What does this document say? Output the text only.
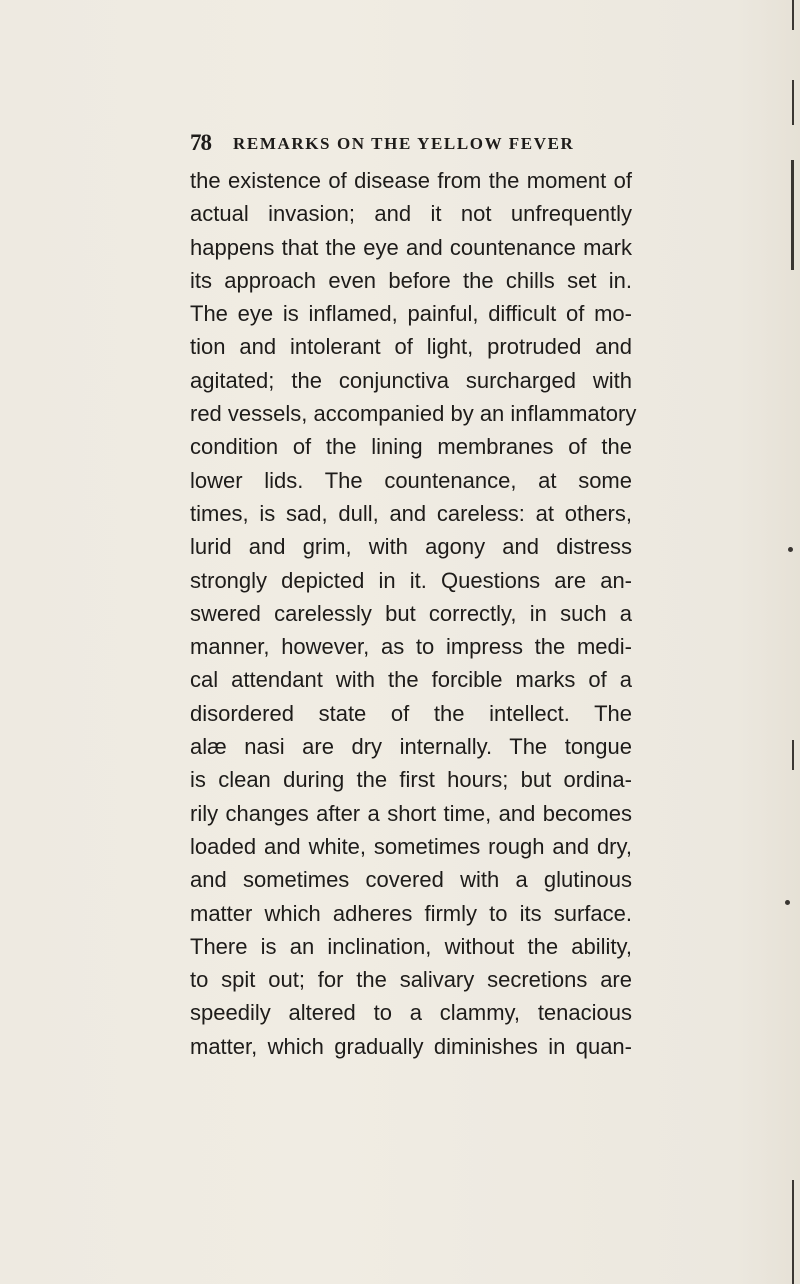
78 REMARKS ON THE YELLOW FEVER
the existence of disease from the moment of
actual invasion; and it not unfrequently
happens that the eye and countenance mark
its approach even before the chills set in.
The eye is inflamed, painful, difficult of mo-
tion and intolerant of light, protruded and
agitated; the conjunctiva surcharged with
red vessels, accompanied by an inflammatory
condition of the lining membranes of the
lower lids. The countenance, at some
times, is sad, dull, and careless: at others,
lurid and grim, with agony and distress
strongly depicted in it. Questions are an-
swered carelessly but correctly, in such a
manner, however, as to impress the medi-
cal attendant with the forcible marks of a
disordered state of the intellect. The
alæ nasi are dry internally. The tongue
is clean during the first hours; but ordina-
rily changes after a short time, and becomes
loaded and white, sometimes rough and dry,
and sometimes covered with a glutinous
matter which adheres firmly to its surface.
There is an inclination, without the ability,
to spit out; for the salivary secretions are
speedily altered to a clammy, tenacious
matter, which gradually diminishes in quan-
